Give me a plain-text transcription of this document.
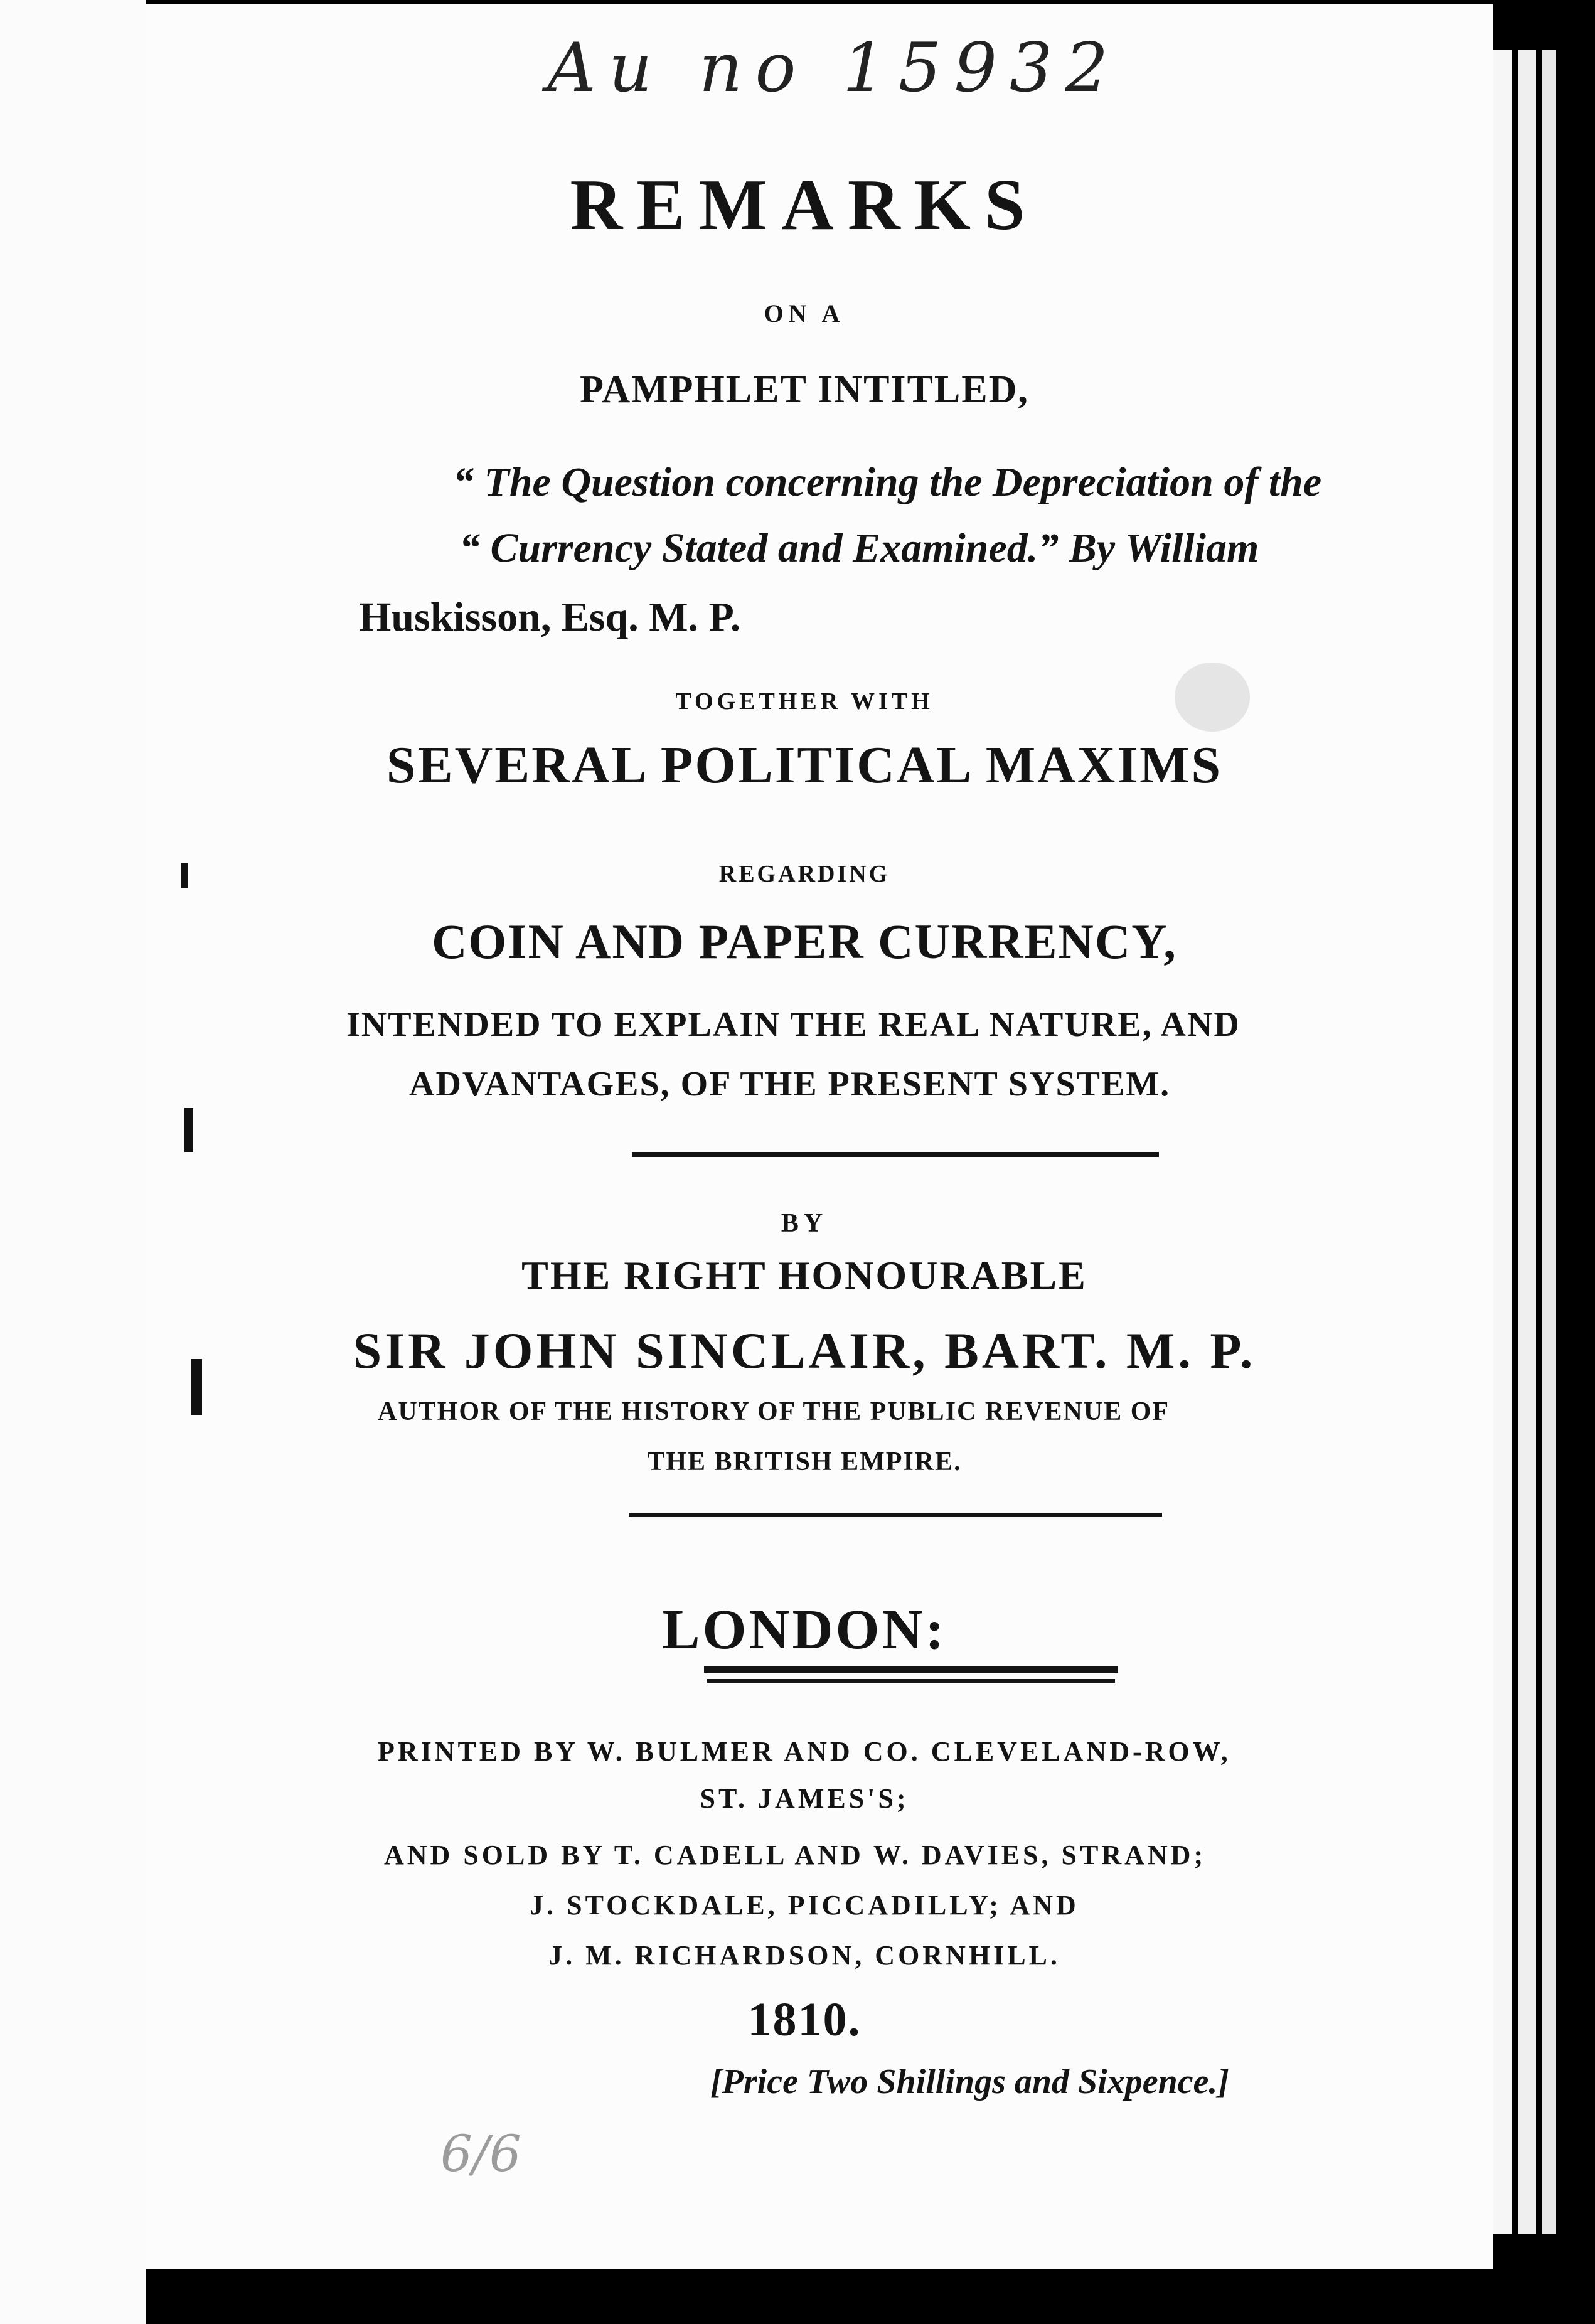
Au no 15932
REMARKS
ON A
PAMPHLET INTITLED,
“ The Question concerning the Depreciation of the
“ Currency Stated and Examined.” By William
Huskisson, Esq. M. P.
TOGETHER WITH
SEVERAL POLITICAL MAXIMS
REGARDING
COIN AND PAPER CURRENCY,
INTENDED TO EXPLAIN THE REAL NATURE, AND
ADVANTAGES, OF THE PRESENT SYSTEM.
BY
THE RIGHT HONOURABLE
SIR JOHN SINCLAIR, BART. M. P.
AUTHOR OF THE HISTORY OF THE PUBLIC REVENUE OF
THE BRITISH EMPIRE.
LONDON:
PRINTED BY W. BULMER AND CO. CLEVELAND-ROW,
ST. JAMES'S;
AND SOLD BY T. CADELL AND W. DAVIES, STRAND;
J. STOCKDALE, PICCADILLY; AND
J. M. RICHARDSON, CORNHILL.
1810.
[Price Two Shillings and Sixpence.]
6/6
